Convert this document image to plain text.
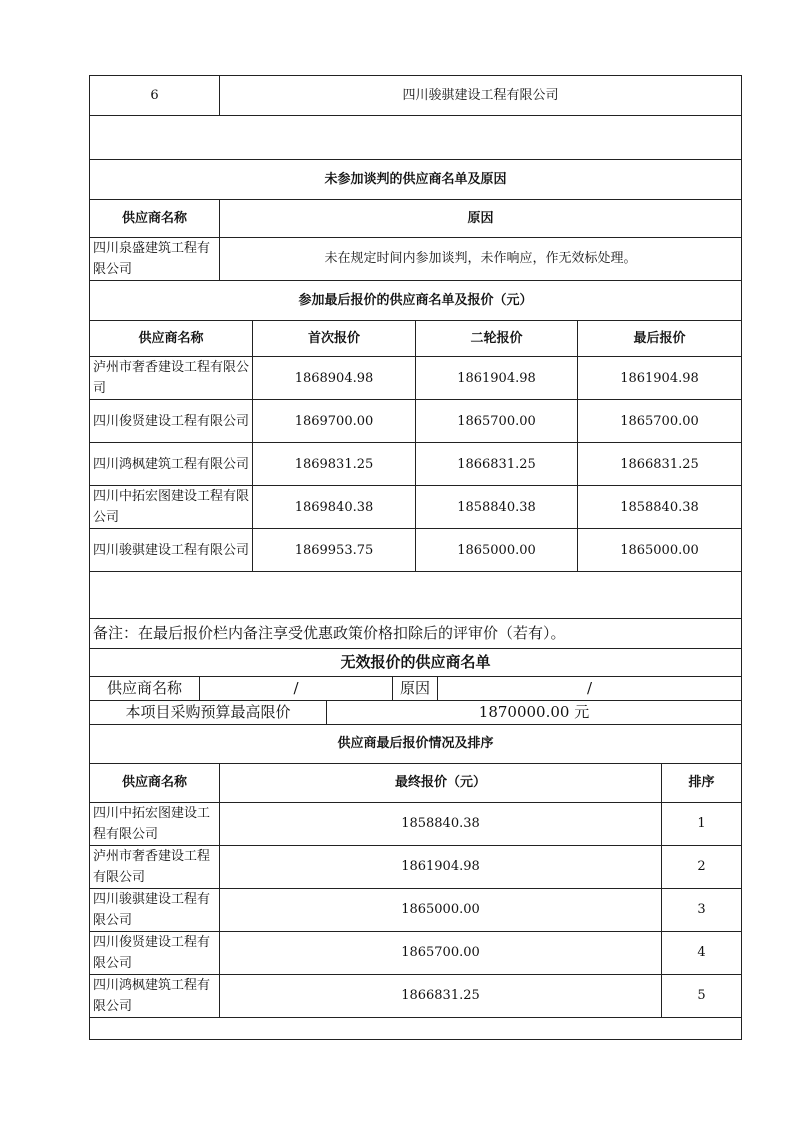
6	四川骏骐建设工程有限公司

未参加谈判的供应商名单及原因	
供应商名称	原因
四川泉盛建筑工程有限公司	未在规定时间内参加谈判，未作响应，作无效标处理。
参加最后报价的供应商名单及报价（元）			
供应商名称	首次报价	二轮报价	最后报价
泸州市奢香建设工程有限公司	1868904.98	1861904.98	1861904.98
四川俊贤建设工程有限公司	1869700.00	1865700.00	1865700.00
四川鸿枫建筑工程有限公司	1869831.25	1866831.25	1866831.25
四川中拓宏图建设工程有限公司	1869840.38	1858840.38	1858840.38
四川骏骐建设工程有限公司	1869953.75	1865000.00	1865000.00

备注：在最后报价栏内备注享受优惠政策价格扣除后的评审价（若有）。			
无效报价的供应商名单
供应商名称	/	原因	/
本项目采购预算最高限价	1870000.00 元
供应商最后报价情况及排序		
供应商名称	最终报价（元）	排序
四川中拓宏图建设工程有限公司	1858840.38	1
泸州市奢香建设工程有限公司	1861904.98	2
四川骏骐建设工程有限公司	1865000.00	3
四川俊贤建设工程有限公司	1865700.00	4
四川鸿枫建筑工程有限公司	1866831.25	5
